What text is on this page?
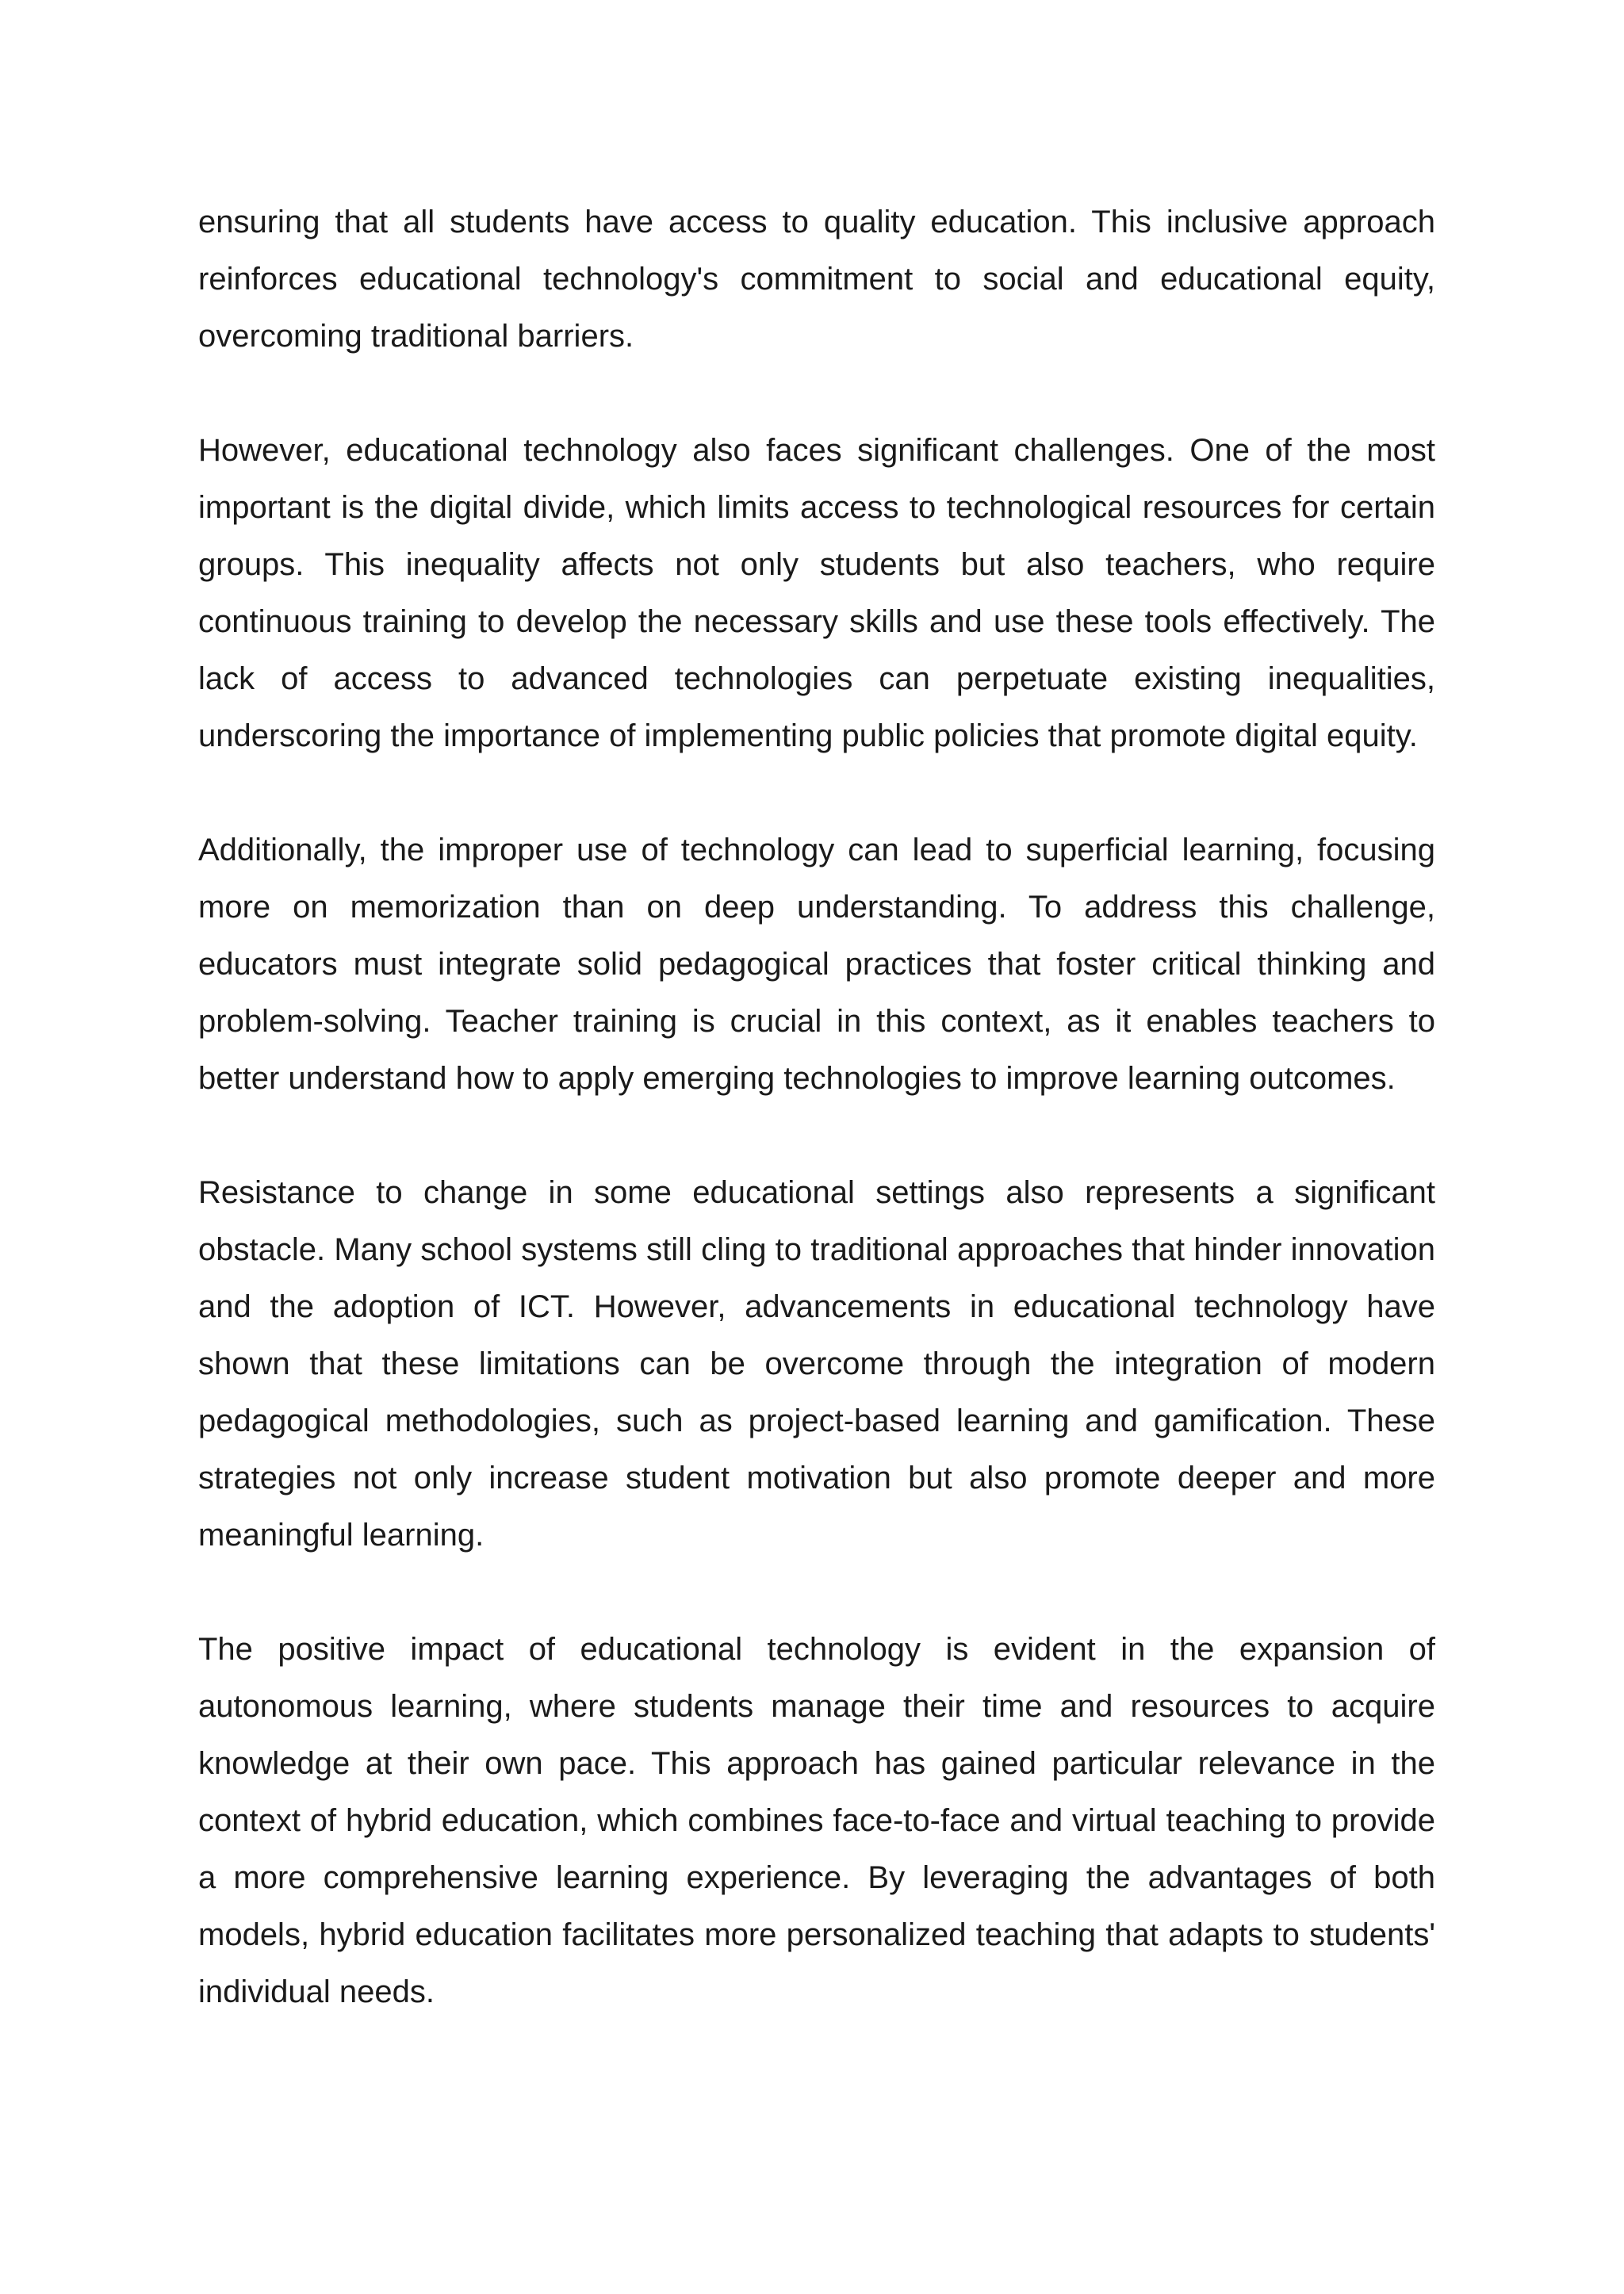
ensuring that all students have access to quality education. This inclusive approach reinforces educational technology's commitment to social and educational equity, overcoming traditional barriers.

However, educational technology also faces significant challenges. One of the most important is the digital divide, which limits access to technological resources for certain groups. This inequality affects not only students but also teachers, who require continuous training to develop the necessary skills and use these tools effectively. The lack of access to advanced technologies can perpetuate existing inequalities, underscoring the importance of implementing public policies that promote digital equity.

Additionally, the improper use of technology can lead to superficial learning, focusing more on memorization than on deep understanding. To address this challenge, educators must integrate solid pedagogical practices that foster critical thinking and problem-solving. Teacher training is crucial in this context, as it enables teachers to better understand how to apply emerging technologies to improve learning outcomes.

Resistance to change in some educational settings also represents a significant obstacle. Many school systems still cling to traditional approaches that hinder innovation and the adoption of ICT. However, advancements in educational technology have shown that these limitations can be overcome through the integration of modern pedagogical methodologies, such as project-based learning and gamification. These strategies not only increase student motivation but also promote deeper and more meaningful learning.

The positive impact of educational technology is evident in the expansion of autonomous learning, where students manage their time and resources to acquire knowledge at their own pace. This approach has gained particular relevance in the context of hybrid education, which combines face-to-face and virtual teaching to provide a more comprehensive learning experience. By leveraging the advantages of both models, hybrid education facilitates more personalized teaching that adapts to students' individual needs.
